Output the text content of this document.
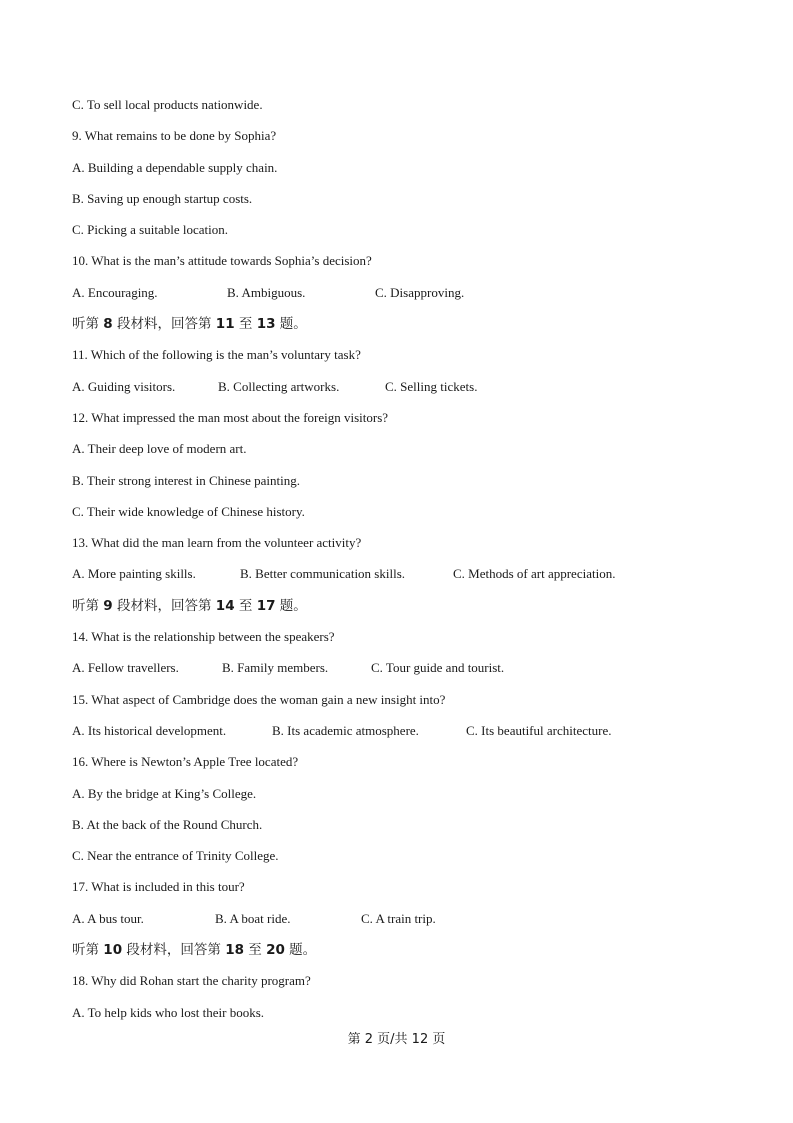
C. To sell local products nationwide.
9. What remains to be done by Sophia?
A. Building a dependable supply chain.
B. Saving up enough startup costs.
C. Picking a suitable location.
10. What is the man’s attitude towards Sophia’s decision?
A. Encouraging.	B. Ambiguous.	C. Disapproving.
听第 8 段材料，回答第 11 至 13 题。
11. Which of the following is the man’s voluntary task?
A. Guiding visitors.	B. Collecting artworks.	C. Selling tickets.
12. What impressed the man most about the foreign visitors?
A. Their deep love of modern art.
B. Their strong interest in Chinese painting.
C. Their wide knowledge of Chinese history.
13. What did the man learn from the volunteer activity?
A. More painting skills.	B. Better communication skills.	C. Methods of art appreciation.
听第 9 段材料，回答第 14 至 17 题。
14. What is the relationship between the speakers?
A. Fellow travellers.	B. Family members.	C. Tour guide and tourist.
15. What aspect of Cambridge does the woman gain a new insight into?
A. Its historical development.	B. Its academic atmosphere.	C. Its beautiful architecture.
16. Where is Newton’s Apple Tree located?
A. By the bridge at King’s College.
B. At the back of the Round Church.
C. Near the entrance of Trinity College.
17. What is included in this tour?
A. A bus tour.	B. A boat ride.	C. A train trip.
听第 10 段材料，回答第 18 至 20 题。
18. Why did Rohan start the charity program?
A. To help kids who lost their books.
第 2 页/共 12 页
